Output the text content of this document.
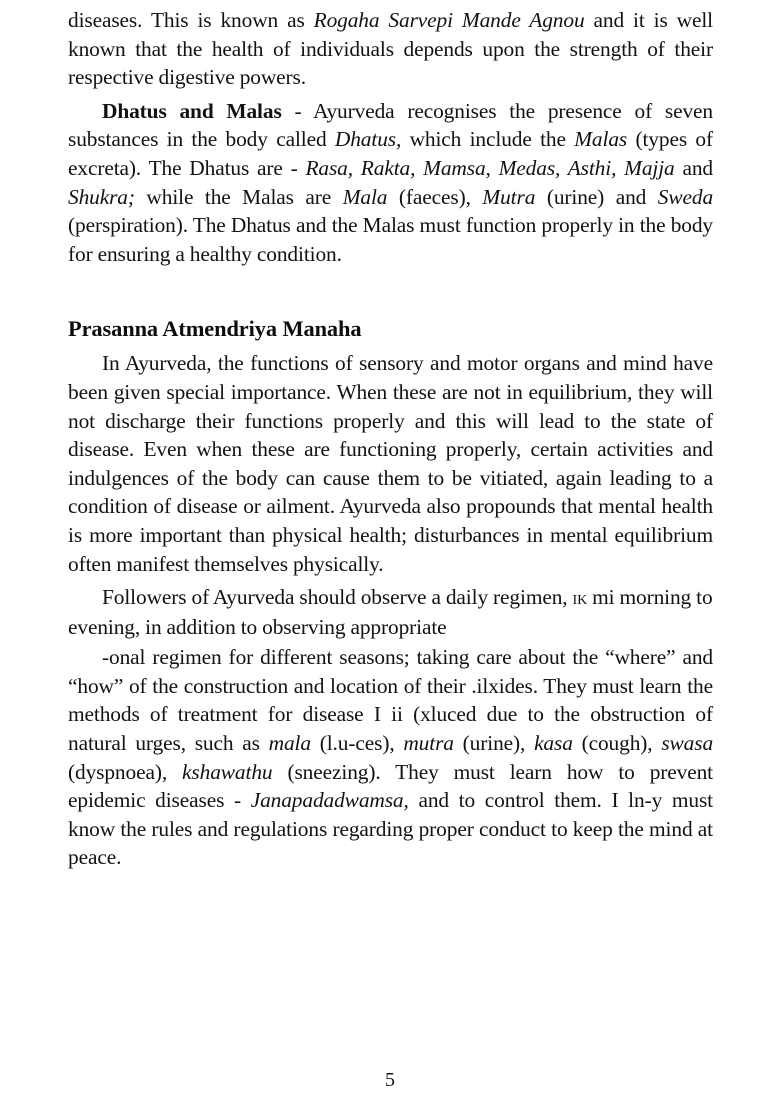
diseases. This is known as Rogaha Sarvepi Mande Agnou and it is well known that the health of individuals depends upon the strength of their respective digestive powers.

Dhatus and Malas - Ayurveda recognises the presence of seven substances in the body called Dhatus, which include the Malas (types of excreta). The Dhatus are - Rasa, Rakta, Mamsa, Medas, Asthi, Majja and Shukra; while the Malas are Mala (faeces), Mutra (urine) and Sweda (perspiration). The Dhatus and the Malas must function properly in the body for ensuring a healthy condition.

Prasanna Atmendriya Manaha

In Ayurveda, the functions of sensory and motor organs and mind have been given special importance. When these are not in equilibrium, they will not discharge their functions properly and this will lead to the state of disease. Even when these are functioning properly, certain activities and indulgences of the body can cause them to be vitiated, again leading to a condition of disease or ailment. Ayurveda also propounds that mental health is more important than physical health; disturbances in mental equilibrium often manifest themselves physically.

Followers of Ayurveda should observe a daily regimen, ik mi morning to evening, in addition to observing appropriate

-onal regimen for different seasons; taking care about the “where” and “how” of the construction and location of their .ilxides. They must learn the methods of treatment for disease I ii (xluced due to the obstruction of natural urges, such as mala (l.u-ces), mutra (urine), kasa (cough), swasa (dyspnoea), kshawathu (sneezing). They must learn how to prevent epidemic diseases - Janapadadwamsa, and to control them. I ln-y must know the rules and regulations regarding proper conduct to keep the mind at peace.

5
